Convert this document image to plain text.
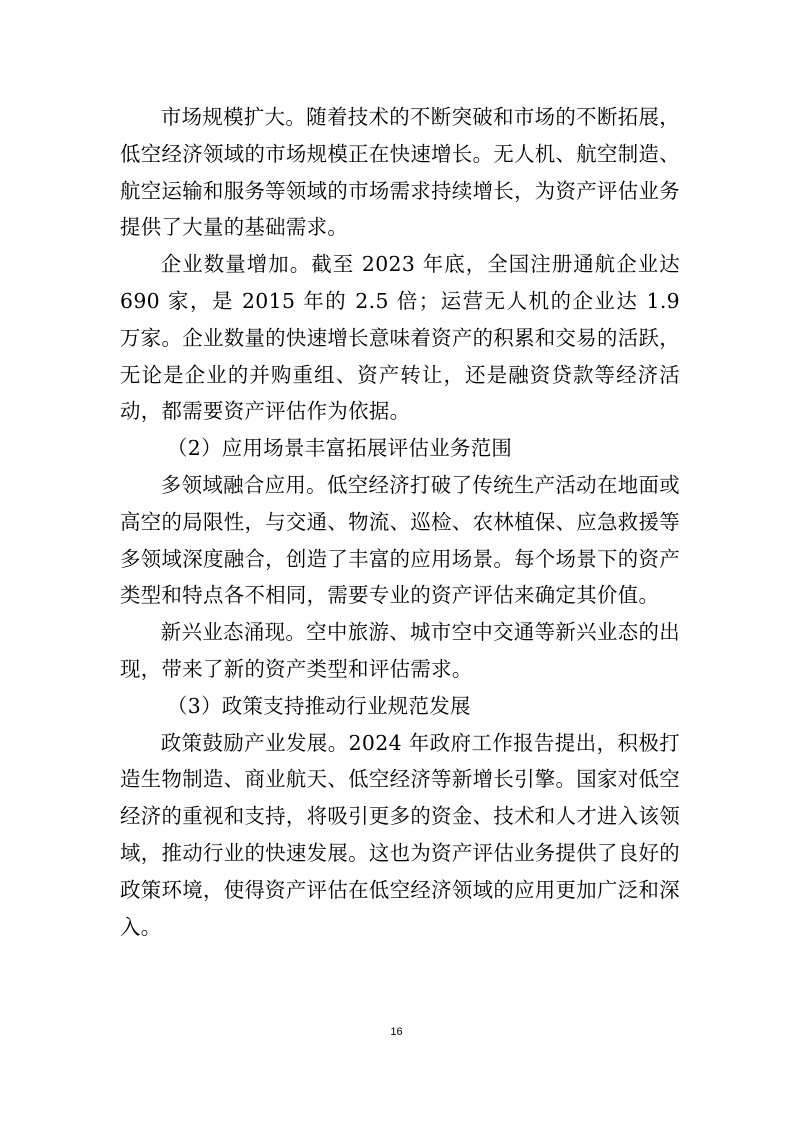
市场规模扩大。随着技术的不断突破和市场的不断拓展，低空经济领域的市场规模正在快速增长。无人机、航空制造、航空运输和服务等领域的市场需求持续增长，为资产评估业务提供了大量的基础需求。

企业数量增加。截至 2023 年底，全国注册通航企业达 690 家，是 2015 年的 2.5 倍；运营无人机的企业达 1.9 万家。企业数量的快速增长意味着资产的积累和交易的活跃，无论是企业的并购重组、资产转让，还是融资贷款等经济活动，都需要资产评估作为依据。

（2）应用场景丰富拓展评估业务范围

多领域融合应用。低空经济打破了传统生产活动在地面或高空的局限性，与交通、物流、巡检、农林植保、应急救援等多领域深度融合，创造了丰富的应用场景。每个场景下的资产类型和特点各不相同，需要专业的资产评估来确定其价值。

新兴业态涌现。空中旅游、城市空中交通等新兴业态的出现，带来了新的资产类型和评估需求。

（3）政策支持推动行业规范发展

政策鼓励产业发展。2024 年政府工作报告提出，积极打造生物制造、商业航天、低空经济等新增长引擎。国家对低空经济的重视和支持，将吸引更多的资金、技术和人才进入该领域，推动行业的快速发展。这也为资产评估业务提供了良好的政策环境，使得资产评估在低空经济领域的应用更加广泛和深入。

16
